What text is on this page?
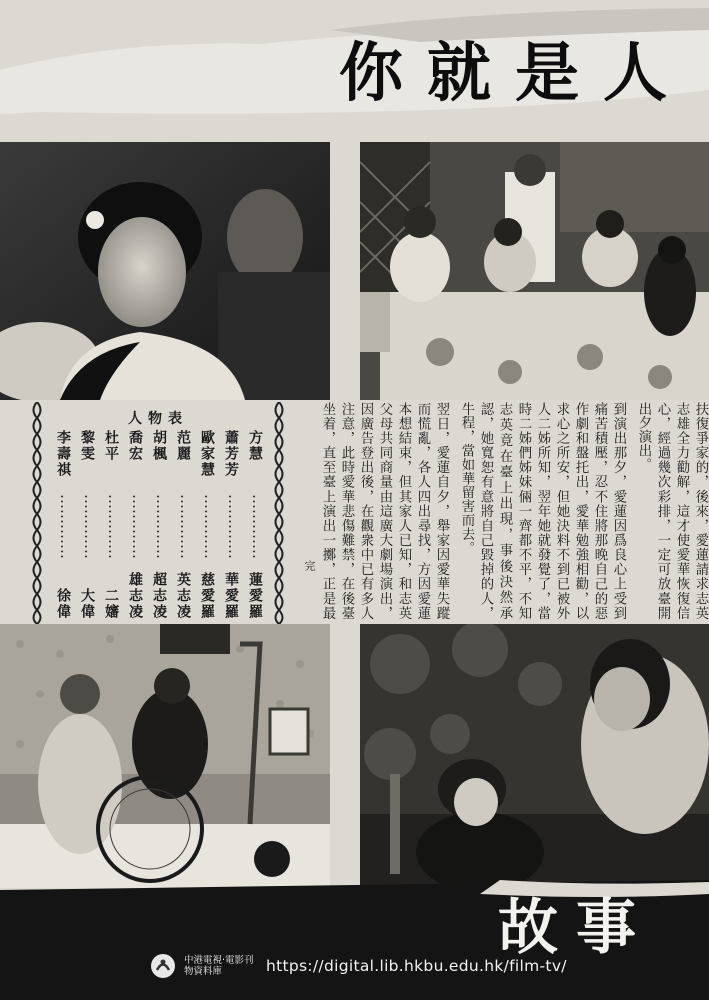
你就是人
人物表
方慧
蓮愛羅
蕭芳芳
華愛羅
歐家慧
慈愛羅
范麗
英志凌
胡楓
超志凌
喬宏
雄志凌
杜平
二嬸
黎雯
大偉
李壽祺
徐偉
完	扶復爭家的，後來，愛蓮請求志英志雄全力勸解，這才使愛華恢復信心，經過幾次彩排，一定可放臺開出夕演出。

到演出那夕，愛蓮因爲良心上受到痛苦積壓，忍不住將那晚自己的惡作劇和盤托出，愛華勉強相勸，以求心之所安，但她決料不到已被外人二姊所知，翌年她就發覺了，當時二姊們姊妹倆一齊都不平，不知志英竟在臺上出現，事後決然承認，她寬恕有意將自己毀掉的人，牛程，當如華留害而去。

翌日，愛蓮自夕，舉家因愛華失蹤而慌亂，各人四出尋找，方因愛蓮本想結束，但其家人已知，和志英父母共同商量由這廣大劇場演出，因廣告登出後，在觀衆中已有多人注意，此時愛華悲傷難禁，在後臺坐着，直至臺上演出一擲，正是最

故事
中港電視·電影刊物資料庫	https://digital.lib.hkbu.edu.hk/film-tv/
